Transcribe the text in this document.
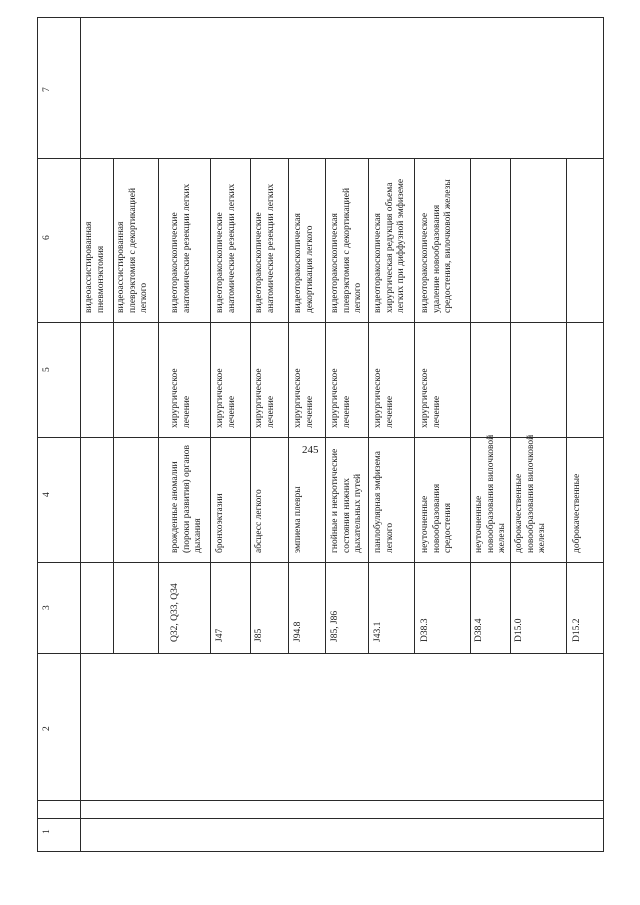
245
1
2
3
4
5
6
7
видеоассистированная
пневмонэктомия видеоассистированная
плеврэктомия с декортикацией
легкого
Q32, Q33, Q34
врожденные аномалии
(пороки развития) органов
дыхания
хирургическое
лечение
видеоторакоскопические
анатомические резекции легких
J47
бронхоэктазии
хирургическое
лечение
видеоторакоскопические
анатомические резекции легких
J85
абсцесс легкого
хирургическое
лечение
видеоторакоскопические
анатомические резекции легких
J94.8
эмпиема плевры
хирургическое
лечение
видеоторакоскопическая
декортикация легкого
J85, J86
гнойные и некротические
состояния нижних
дыхательных путей
хирургическое
лечение
видеоторакоскопическая
плеврэктомия с декортикацией
легкого
J43.1
панлобулярная эмфизема
легкого
хирургическое
лечение
видеоторакоскопическая
хирургическая редукция объема
легких при диффузной эмфиземе
D38.3
неуточненные
новообразования
средостения
хирургическое
лечение
видеоторакоскопическое
удаление новообразования
средостения, вилочковой железы
D38.4
неуточненные
новообразования вилочковой
железы
D15.0
доброкачественные
новообразования вилочковой
железы
D15.2
доброкачественные
